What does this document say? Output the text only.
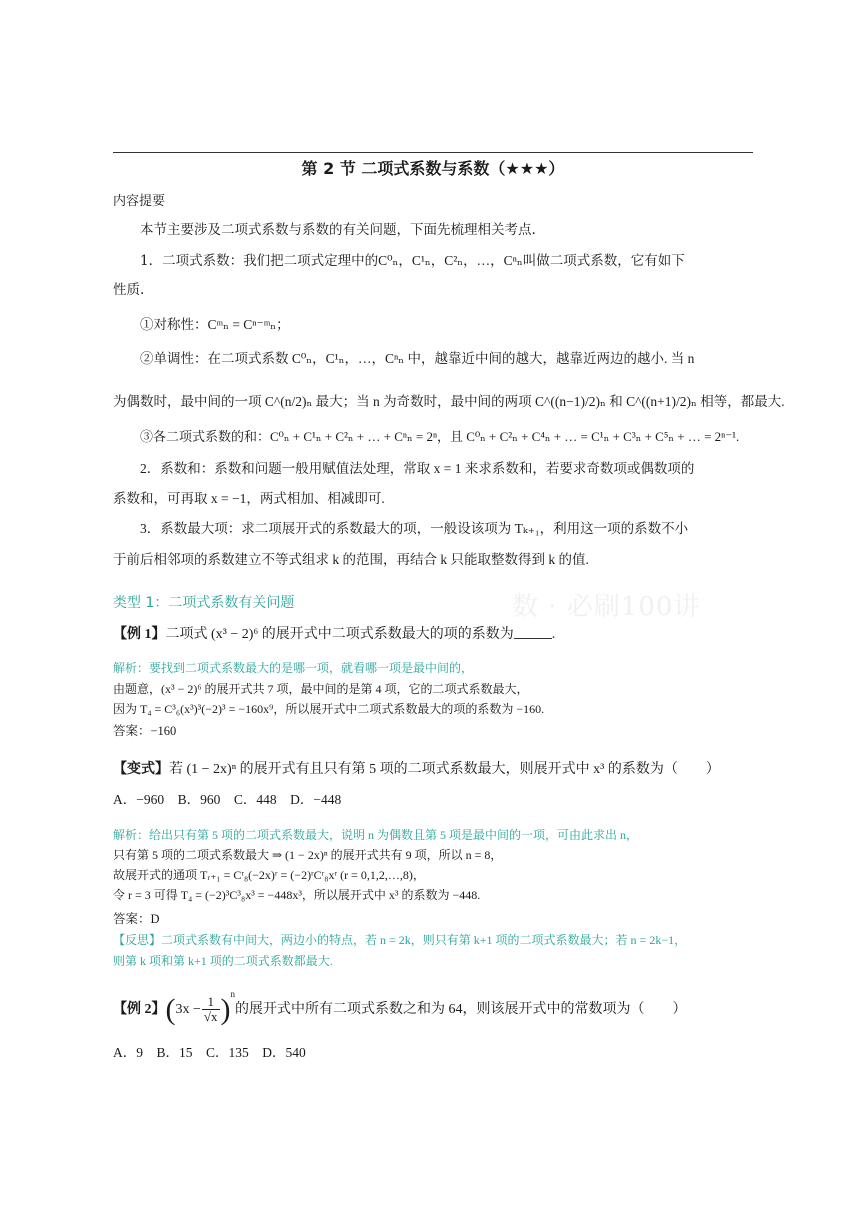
第 2 节 二项式系数与系数（★★★）
内容提要
本节主要涉及二项式系数与系数的有关问题，下面先梳理相关考点.
1．二项式系数：我们把二项式定理中的C⁰ₙ，C¹ₙ，C²ₙ，…，Cⁿₙ叫做二项式系数，它有如下
性质.
①对称性：Cᵐₙ = Cⁿ⁻ᵐₙ；
②单调性：在二项式系数 C⁰ₙ，C¹ₙ，…，Cⁿₙ 中，越靠近中间的越大，越靠近两边的越小. 当 n
为偶数时，最中间的一项 C^(n/2)ₙ 最大；当 n 为奇数时，最中间的两项 C^((n−1)/2)ₙ 和 C^((n+1)/2)ₙ 相等，都最大.
③各二项式系数的和：C⁰ₙ + C¹ₙ + C²ₙ + … + Cⁿₙ = 2ⁿ，且 C⁰ₙ + C²ₙ + C⁴ₙ + … = C¹ₙ + C³ₙ + C⁵ₙ + … = 2ⁿ⁻¹.
2．系数和：系数和问题一般用赋值法处理，常取 x = 1 来求系数和，若要求奇数项或偶数项的
系数和，可再取 x = −1，两式相加、相减即可.
3．系数最大项：求二项展开式的系数最大的项，一般设该项为 Tₖ₊₁，利用这一项的系数不小
于前后相邻项的系数建立不等式组求 k 的范围，再结合 k 只能取整数得到 k 的值.
数 · 必刷100讲
类型 1：二项式系数有关问题
【例 1】二项式 (x³ − 2)⁶ 的展开式中二项式系数最大的项的系数为	.
解析：要找到二项式系数最大的是哪一项，就看哪一项是最中间的，
由题意，(x³ − 2)⁶ 的展开式共 7 项，最中间的是第 4 项，它的二项式系数最大，
因为 T₄ = C³₆(x³)³(−2)³ = −160x⁹，所以展开式中二项式系数最大的项的系数为 −160.
答案：−160
【变式】若 (1 − 2x)ⁿ 的展开式有且只有第 5 项的二项式系数最大，则展开式中 x³ 的系数为（　　）
A．−960　 B．960　 C．448　 D．−448
解析：给出只有第 5 项的二项式系数最大，说明 n 为偶数且第 5 项是最中间的一项，可由此求出 n，
只有第 5 项的二项式系数最大 ⇒ (1 − 2x)ⁿ 的展开式共有 9 项，所以 n = 8，
故展开式的通项 Tᵣ₊₁ = Cʳ₈(−2x)ʳ = (−2)ʳCʳ₈xʳ (r = 0,1,2,…,8)，
令 r = 3 可得 T₄ = (−2)³C³₈x³ = −448x³，所以展开式中 x³ 的系数为 −448.
答案：D
【反思】二项式系数有中间大，两边小的特点，若 n = 2k，则只有第 k+1 项的二项式系数最大；若 n = 2k−1，
则第 k 项和第 k+1 项的二项式系数都最大.
【例 2】$(3x - \frac{1}{√x} )^n$的展开式中所有二项式系数之和为 64，则该展开式中的常数项为（　　）
A．9　 B．15　 C．135　 D．540
